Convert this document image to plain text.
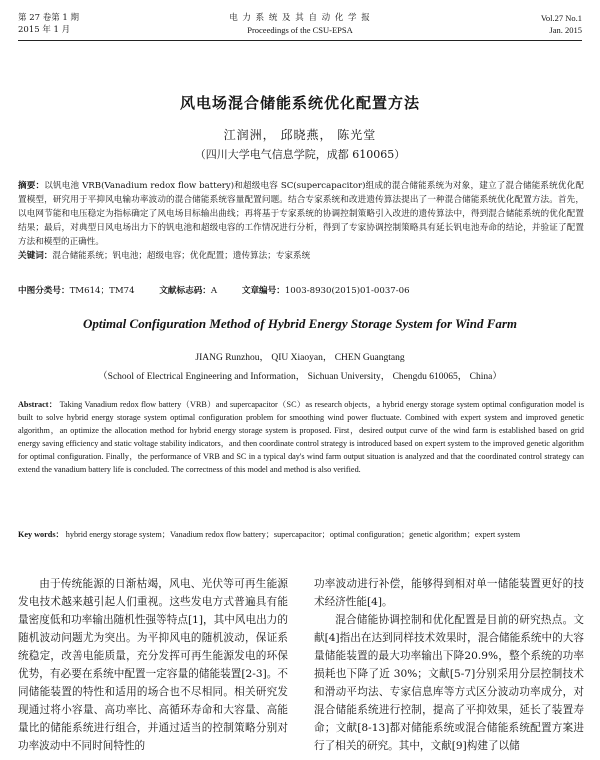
第 27 卷第 1 期
2015 年 1 月
电 力 系 统 及 其 自 动 化 学 报
Proceedings of the CSU-EPSA
Vol.27 No.1
Jan. 2015
风电场混合储能系统优化配置方法
江润洲， 邱晓燕， 陈光堂
（四川大学电气信息学院，成都 610065）
摘要：以钒电池 VRB(Vanadium redox flow battery)和超级电容 SC(supercapacitor)组成的混合储能系统为对象，建立了混合储能系统优化配置模型，研究用于平抑风电输功率波动的混合储能系统容量配置问题。结合专家系统和改进遗传算法提出了一种混合储能系统优化配置方法。首先，以电网节能和电压稳定为指标确定了风电场目标输出曲线；再将基于专家系统的协调控制策略引入改进的遗传算法中，得到混合储能系统的优化配置结果；最后，对典型日风电场出力下的钒电池和超级电容的工作情况进行分析，得到了专家协调控制策略具有延长钒电池寿命的结论，并验证了配置方法和模型的正确性。
关键词：混合储能系统；钒电池；超级电容；优化配置；遗传算法；专家系统
中图分类号：TM614；TM74	文献标志码：A	文章编号：1003-8930(2015)01-0037-06
Optimal Configuration Method of Hybrid Energy Storage System for Wind Farm
JIANG Runzhou， QIU Xiaoyan， CHEN Guangtang
（School of Electrical Engineering and Information， Sichuan University， Chengdu 610065， China）
Abstract： Taking Vanadium redox flow battery（VRB）and supercapacitor（SC）as research objects，a hybrid energy storage system optimal configuration model is built to solve hybrid energy storage system optimal configuration problem for smoothing wind power fluctuate. Combined with expert system and improved genetic algorithm，an optimize the allocation method for hybrid energy storage system is proposed. First，desired output curve of the wind farm is established based on grid energy saving efficiency and static voltage stability indicators，and then coordinate control strategy is introduced based on expert system to the improved genetic algorithm for optimal configuration. Finally，the performance of VRB and SC in a typical day's wind farm output situation is analyzed and that the coordinated control strategy can extend the vanadium battery life is concluded. The correctness of this model and method is also verified.
Key words： hybrid energy storage system；Vanadium redox flow battery；supercapacitor；optimal configuration；genetic algorithm；expert system

由于传统能源的日渐枯竭，风电、光伏等可再生能源发电技术越来越引起人们重视。这些发电方式普遍具有能量密度低和功率输出随机性强等特点[1]，其中风电出力的随机波动问题尤为突出。为平抑风电的随机波动，保证系统稳定，改善电能质量，充分发挥可再生能源发电的环保优势，有必要在系统中配置一定容量的储能装置[2-3]。不同储能装置的特性和适用的场合也不尽相同。相关研究发现通过将小容量、高功率比、高循环寿命和大容量、高能量比的储能系统进行组合，并通过适当的控制策略分别对功率波动中不同时间特性的

功率波动进行补偿，能够得到相对单一储能装置更好的技术经济性能[4]。

混合储能协调控制和优化配置是目前的研究热点。文献[4]指出在达到同样技术效果时，混合储能系统中的大容量储能装置的最大功率输出下降20.9%，整个系统的功率损耗也下降了近 30%；文献[5-7]分别采用分层控制技术和滑动平均法、专家信息库等方式区分波动功率成分，对混合储能系统进行控制，提高了平抑效果，延长了装置寿命；文献[8-13]都对储能系统或混合储能系统配置方案进行了相关的研究。其中，文献[9]构建了以储
